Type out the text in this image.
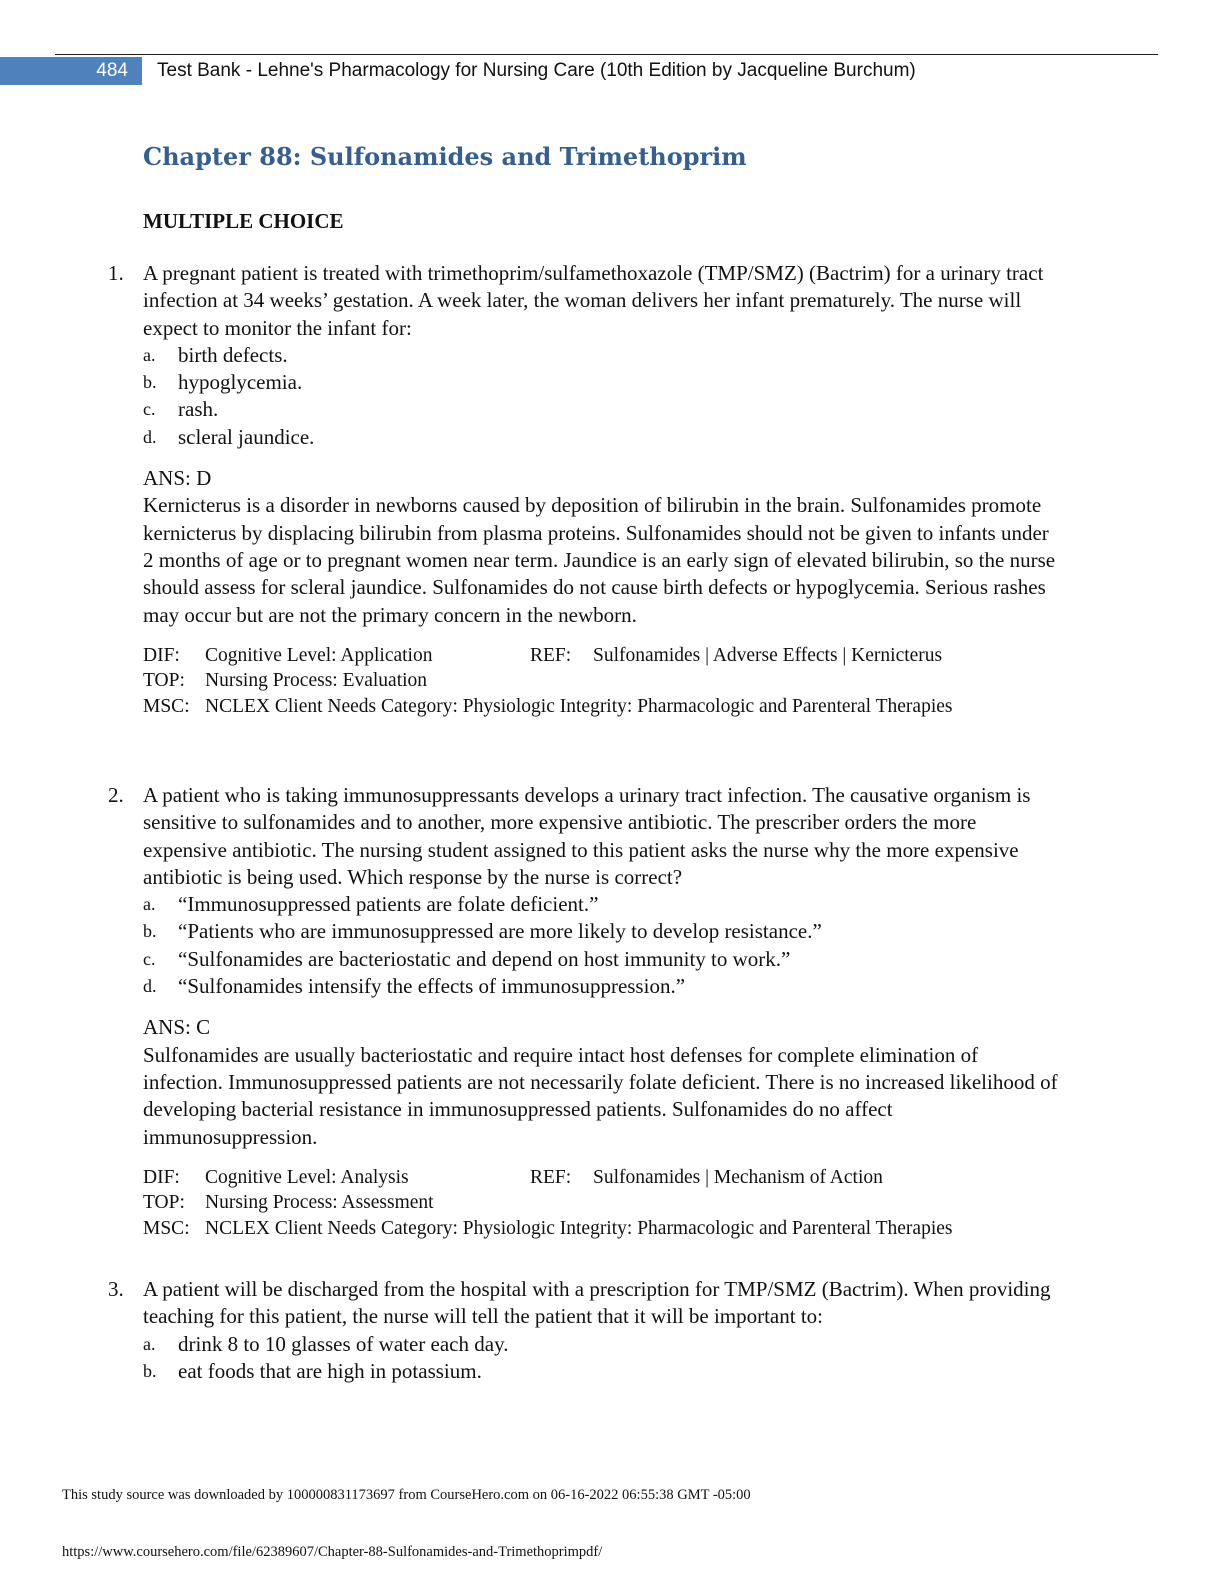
484	Test Bank - Lehne's Pharmacology for Nursing Care (10th Edition by Jacqueline Burchum)
Chapter 88: Sulfonamides and Trimethoprim
MULTIPLE CHOICE
1. A pregnant patient is treated with trimethoprim/sulfamethoxazole (TMP/SMZ) (Bactrim) for a urinary tract infection at 34 weeks’ gestation. A week later, the woman delivers her infant prematurely. The nurse will expect to monitor the infant for:

a. birth defects.
b. hypoglycemia.
c. rash.
d. scleral jaundice.

ANS: D

Kernicterus is a disorder in newborns caused by deposition of bilirubin in the brain. Sulfonamides promote kernicterus by displacing bilirubin from plasma proteins. Sulfonamides should not be given to infants under 2 months of age or to pregnant women near term. Jaundice is an early sign of elevated bilirubin, so the nurse should assess for scleral jaundice. Sulfonamides do not cause birth defects or hypoglycemia. Serious rashes may occur but are not the primary concern in the newborn.

DIF: Cognitive Level: Application	REF: Sulfonamides | Adverse Effects | Kernicterus
TOP: Nursing Process: Evaluation
MSC: NCLEX Client Needs Category: Physiologic Integrity: Pharmacologic and Parenteral Therapies
2. A patient who is taking immunosuppressants develops a urinary tract infection. The causative organism is sensitive to sulfonamides and to another, more expensive antibiotic. The prescriber orders the more expensive antibiotic. The nursing student assigned to this patient asks the nurse why the more expensive antibiotic is being used. Which response by the nurse is correct?

a. “Immunosuppressed patients are folate deficient.”
b. “Patients who are immunosuppressed are more likely to develop resistance.”
c. “Sulfonamides are bacteriostatic and depend on host immunity to work.”
d. “Sulfonamides intensify the effects of immunosuppression.”

ANS: C

Sulfonamides are usually bacteriostatic and require intact host defenses for complete elimination of infection. Immunosuppressed patients are not necessarily folate deficient. There is no increased likelihood of developing bacterial resistance in immunosuppressed patients. Sulfonamides do no affect immunosuppression.

DIF: Cognitive Level: Analysis	REF: Sulfonamides | Mechanism of Action
TOP: Nursing Process: Assessment
MSC: NCLEX Client Needs Category: Physiologic Integrity: Pharmacologic and Parenteral Therapies
3. A patient will be discharged from the hospital with a prescription for TMP/SMZ (Bactrim). When providing teaching for this patient, the nurse will tell the patient that it will be important to:

a. drink 8 to 10 glasses of water each day.
b. eat foods that are high in potassium.
This study source was downloaded by 100000831173697 from CourseHero.com on 06-16-2022 06:55:38 GMT -05:00
https://www.coursehero.com/file/62389607/Chapter-88-Sulfonamides-and-Trimethoprimpdf/
